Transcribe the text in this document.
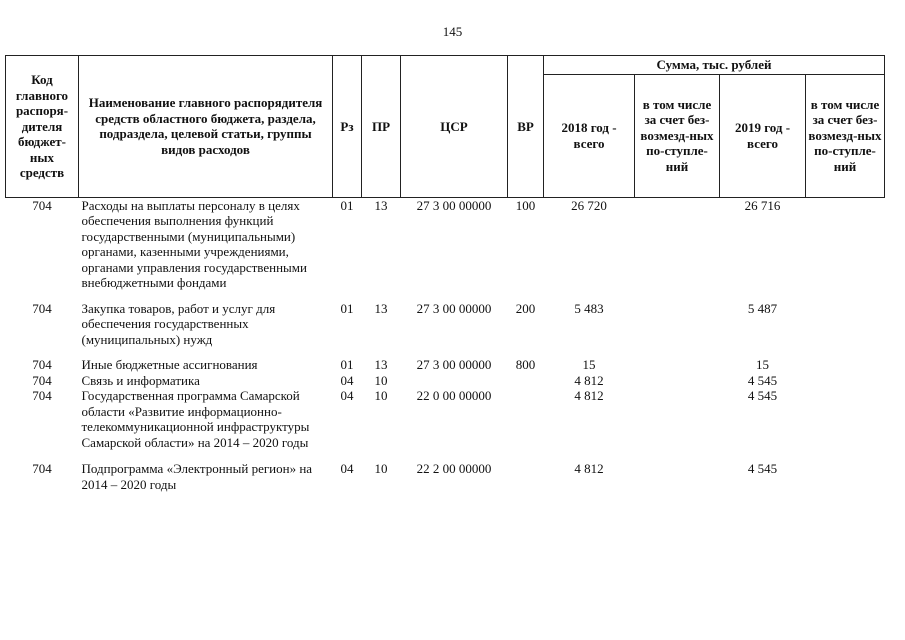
145
Код главного распоря-дителя бюджет-ных средств	Наименование главного распорядителя средств областного бюджета, раздела, подраздела, целевой статьи, группы видов расходов	Рз	ПР	ЦСР	ВР	Сумма, тыс. рублей			
						2018 год - всего	в том числе за счет без-возмезд-ных по-ступле-ний	2019 год - всего	в том числе за счет без-возмезд-ных по-ступле-ний
704	Расходы на выплаты персоналу в целях обеспечения выполнения функций государственными (муниципальными) органами, казенными учреждениями, органами управления государственными внебюджетными фондами	01	13	27 3 00 00000	100	26 720		26 716	
704	Закупка товаров, работ и услуг для обеспечения государственных (муниципальных) нужд	01	13	27 3 00 00000	200	5 483		5 487	
704	Иные бюджетные ассигнования	01	13	27 3 00 00000	800	15		15	
704	Связь и информатика	04	10			4 812		4 545	
704	Государственная программа Самарской области «Развитие информационно-телекоммуникационной инфраструктуры Самарской области» на 2014 – 2020 годы	04	10	22 0 00 00000		4 812		4 545	
704	Подпрограмма «Электронный регион» на 2014 – 2020 годы	04	10	22 2 00 00000		4 812		4 545	
